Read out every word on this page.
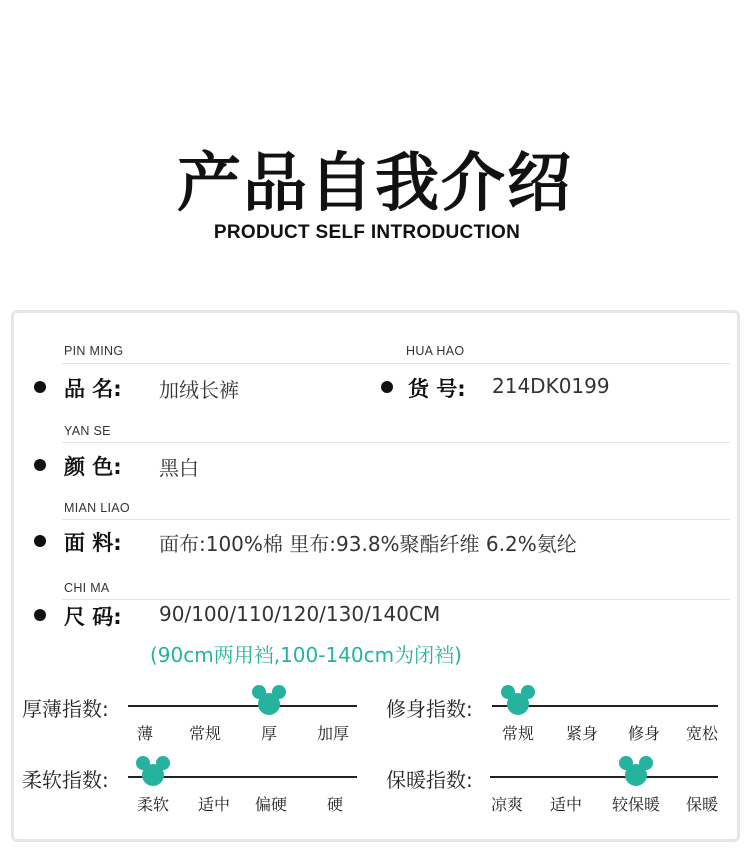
产品自我介绍
PRODUCT SELF INTRODUCTION
PIN MING	HUA HAO
品 名: 加绒长裤	货 号: 214DK0199
YAN SE
颜 色: 黑白
MIAN LIAO
面 料: 面布:100%棉 里布:93.8%聚酯纤维 6.2%氨纶
CHI MA
尺 码: 90/100/110/120/130/140CM
(90cm两用裆,100-140cm为闭裆)
厚薄指数:
薄 常规 厚 加厚
修身指数:
常规 紧身 修身 宽松
柔软指数:
柔软 适中 偏硬 硬
保暖指数:
凉爽 适中 较保暖 保暖
